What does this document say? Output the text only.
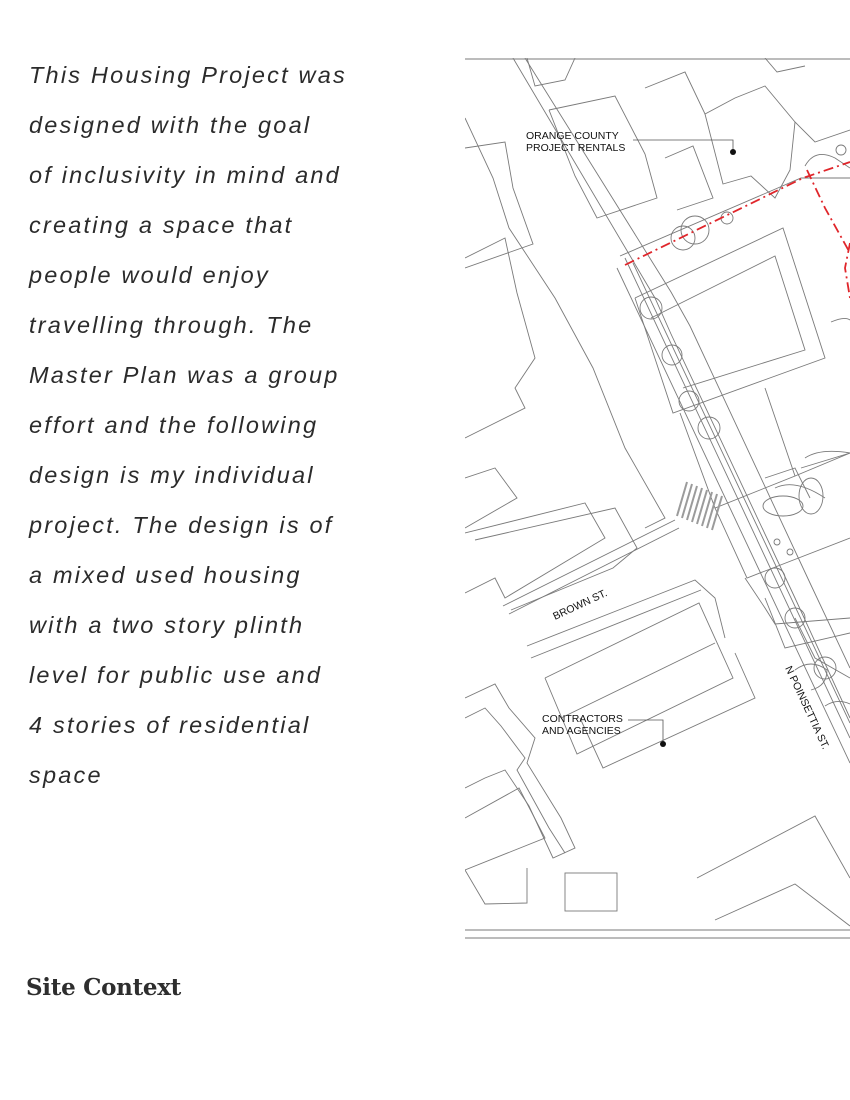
This Housing Project was
designed with the goal
of inclusivity in mind and
creating a space that
people would enjoy
travelling through. The
Master Plan was a group
effort and the following
design is my individual
project. The design is of
a mixed used housing
with a two story plinth
level for public use and
4 stories of residential
space
Site Context
ORANGE COUNTY
PROJECT RENTALS
CONTRACTORS
AND AGENCIES
BROWN ST.
N POINSETTIA ST.
